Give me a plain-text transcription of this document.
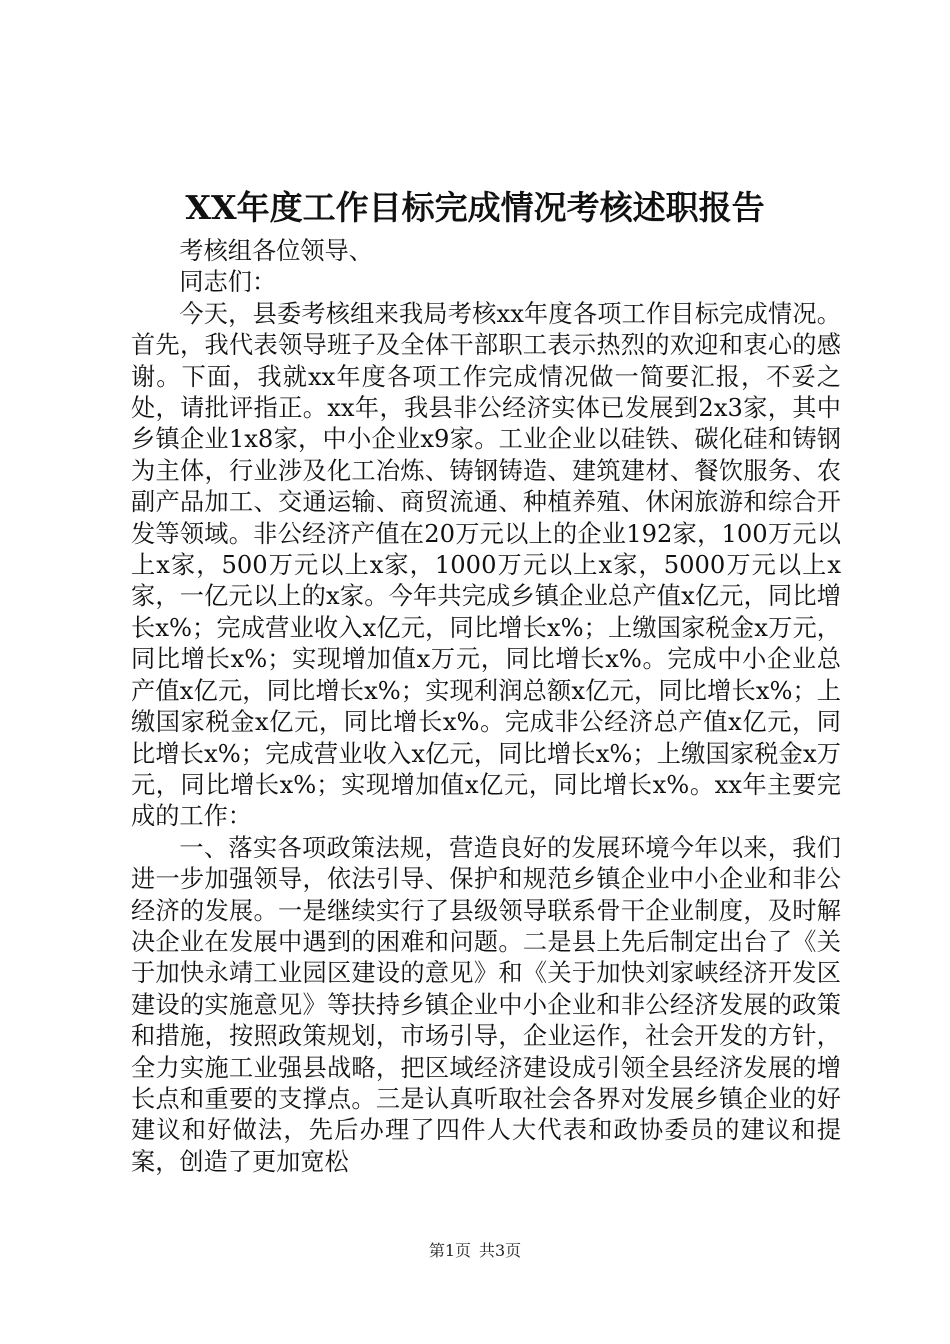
XX年度工作目标完成情况考核述职报告

考核组各位领导、

同志们：

今天，县委考核组来我局考核xx年度各项工作目标完成情况。首先，我代表领导班子及全体干部职工表示热烈的欢迎和衷心的感谢。下面，我就xx年度各项工作完成情况做一简要汇报，不妥之处，请批评指正。xx年，我县非公经济实体已发展到2x3家，其中乡镇企业1x8家，中小企业x9家。工业企业以硅铁、碳化硅和铸钢为主体，行业涉及化工冶炼、铸钢铸造、建筑建材、餐饮服务、农副产品加工、交通运输、商贸流通、种植养殖、休闲旅游和综合开发等领域。非公经济产值在20万元以上的企业192家，100万元以上x家，500万元以上x家，1000万元以上x家，5000万元以上x家，一亿元以上的x家。今年共完成乡镇企业总产值x亿元，同比增长x%；完成营业收入x亿元，同比增长x%；上缴国家税金x万元，同比增长x%；实现增加值x万元，同比增长x%。完成中小企业总产值x亿元，同比增长x%；实现利润总额x亿元，同比增长x%；上缴国家税金x亿元，同比增长x%。完成非公经济总产值x亿元，同比增长x%；完成营业收入x亿元，同比增长x%；上缴国家税金x万元，同比增长x%；实现增加值x亿元，同比增长x%。xx年主要完成的工作：

一、落实各项政策法规，营造良好的发展环境今年以来，我们进一步加强领导，依法引导、保护和规范乡镇企业中小企业和非公经济的发展。一是继续实行了县级领导联系骨干企业制度，及时解决企业在发展中遇到的困难和问题。二是县上先后制定出台了《关于加快永靖工业园区建设的意见》和《关于加快刘家峡经济开发区建设的实施意见》等扶持乡镇企业中小企业和非公经济发展的政策和措施，按照政策规划，市场引导，企业运作，社会开发的方针，全力实施工业强县战略，把区域经济建设成引领全县经济发展的增长点和重要的支撑点。三是认真听取社会各界对发展乡镇企业的好建议和好做法，先后办理了四件人大代表和政协委员的建议和提案，创造了更加宽松

第1页 共3页
